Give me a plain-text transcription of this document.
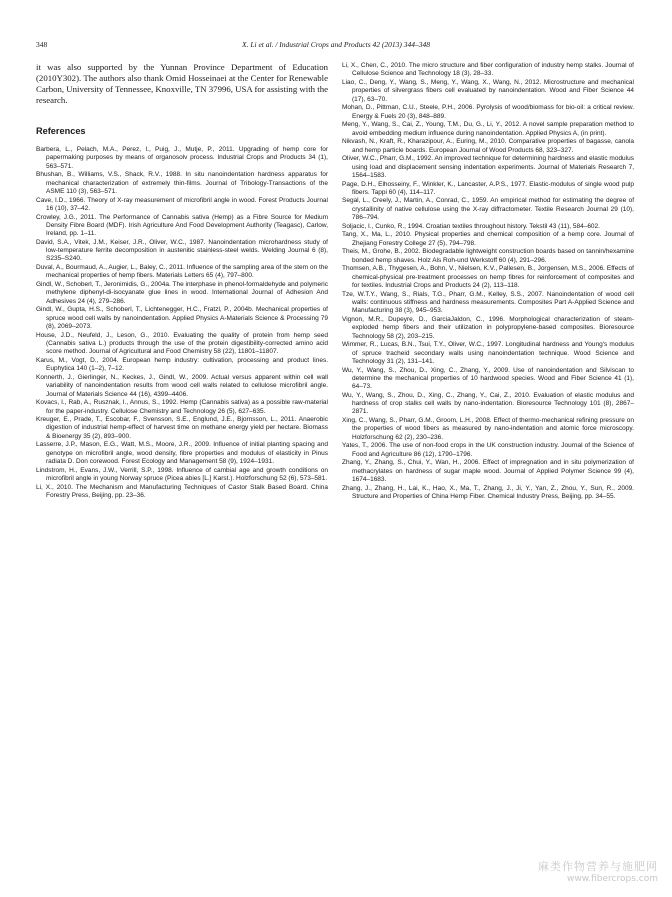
348	X. Li et al. / Industrial Crops and Products 42 (2013) 344–348

it was also supported by the Yunnan Province Department of Education (2010Y302). The authors also thank Omid Hosseinaei at the Center for Renewable Carbon, University of Tennessee, Knoxville, TN 37996, USA for assisting with the research.

References

Barbera, L., Pelach, M.A., Perez, I., Puig, J., Mutje, P., 2011. Upgrading of hemp core for papermaking purposes by means of organosolv process. Industrial Crops and Products 34 (1), 563–571.

Bhushan, B., Williams, V.S., Shack, R.V., 1988. In situ nanoindentation hardness apparatus for mechanical characterization of extremely thin-films. Journal of Tribology-Transactions of the ASME 110 (3), 563–571.

Cave, I.D., 1966. Theory of X-ray measurement of microfibril angle in wood. Forest Products Journal 16 (10), 37–42.

Crowley, J.G., 2011. The Performance of Cannabis sativa (Hemp) as a Fibre Source for Medium Density Fibre Board (MDF). Irish Agriculture And Food Development Authority (Teagasc), Carlow, Ireland, pp. 1–11.

David, S.A., Vitek, J.M., Keiser, J.R., Oliver, W.C., 1987. Nanoindentation microhardness study of low-temperature ferrite decomposition in austenitic stainless-steel welds. Welding Journal 6 (8), S235–S240.

Duval, A., Bourmaud, A., Augier, L., Baley, C., 2011. Influence of the sampling area of the stem on the mechanical properties of hemp fibers. Materials Letters 65 (4), 797–800.

Gindl, W., Schoberl, T., Jeronimidis, G., 2004a. The interphase in phenol-formaldehyde and polymeric methylene diphenyl-di-isocyanate glue lines in wood. International Journal of Adhesion And Adhesives 24 (4), 279–286.

Gindl, W., Gupta, H.S., Schoberl, T., Lichtenegger, H.C., Fratzl, P., 2004b. Mechanical properties of spruce wood cell walls by nanoindentation. Applied Physics A-Materials Science & Processing 79 (8), 2069–2073.

House, J.D., Neufeld, J., Leson, G., 2010. Evaluating the quality of protein from hemp seed (Cannabis sativa L.) products through the use of the protein digestibility-corrected amino acid score method. Journal of Agricultural and Food Chemistry 58 (22), 11801–11807.

Karus, M., Vogt, D., 2004. European hemp industry: cultivation, processing and product lines. Euphytica 140 (1–2), 7–12.

Konnerth, J., Gierlinger, N., Keckes, J., Gindl, W., 2009. Actual versus apparent within cell wall variability of nanoindentation results from wood cell walls related to cellulose microfibril angle. Journal of Materials Science 44 (16), 4399–4406.

Kovacs, I., Rab, A., Rusznak, I., Annus, S., 1992. Hemp (Cannabis sativa) as a possible raw-material for the paper-industry. Cellulose Chemistry and Technology 26 (5), 627–635.

Kreuger, E., Prade, T., Escobar, F., Svensson, S.E., Englund, J.E., Bjornsson, L., 2011. Anaerobic digestion of industrial hemp-effect of harvest time on methane energy yield per hectare. Biomass & Bioenergy 35 (2), 893–900.

Lasserre, J.P., Mason, E.G., Watt, M.S., Moore, J.R., 2009. Influence of initial planting spacing and genotype on microfibril angle, wood density, fibre properties and modulus of elasticity in Pinus radiata D. Don corewood. Forest Ecology and Management 58 (9), 1924–1931.

Lindstrom, H., Evans, J.W., Verrill, S.P., 1998. Influence of cambial age and growth conditions on microfibril angle in young Norway spruce (Picea abies [L.] Karst.). Holzforschung 52 (6), 573–581.

Li, X., 2010. The Mechanism and Manufacturing Techniques of Castor Stalk Based Board. China Forestry Press, Beijing, pp. 23–36.

Li, X., Chen, C., 2010. The micro structure and fiber configuration of industry hemp stalks. Journal of Cellulose Science and Technology 18 (3), 28–33.

Liao, C., Deng, Y., Wang, S., Meng, Y., Wang, X., Wang, N., 2012. Microstructure and mechanical properties of silvergrass fibers cell evaluated by nanoindentation. Wood and Fiber Science 44 (17), 63–70.

Mohan, D., Pittman, C.U., Steele, P.H., 2006. Pyrolysis of wood/biomass for bio-oil: a critical review. Energy & Fuels 20 (3), 848–889.

Meng, Y., Wang, S., Cai, Z., Young, T.M., Du, G., Li, Y., 2012. A novel sample preparation method to avoid embedding medium influence during nanoindentation. Applied Physics A, (in print).

Nikvash, N., Kraft, R., Kharazipour, A., Euring, M., 2010. Comparative properties of bagasse, canola and hemp particle boards. European Journal of Wood Products 68, 323–327.

Oliver, W.C., Pharr, G.M., 1992. An improved technique for determining hardness and elastic modulus using load and displacement sensing indentation experiments. Journal of Materials Research 7, 1564–1583.

Page, D.H., Elhosseiny, F., Winkler, K., Lancaster, A.P.S., 1977. Elastic-modulus of single wood pulp fibers. Tappi 60 (4), 114–117.

Segal, L., Creely, J., Martin, A., Conrad, C., 1959. An empirical method for estimating the degree of crystallinity of native cellulose using the X-ray diffractometer. Textile Research Journal 29 (10), 786–794.

Soljacic, I., Cunko, R., 1994. Croatian textiles throughout history. Tekstil 43 (11), 584–602.

Tang, X., Ma, L., 2010. Physical properties and chemical composition of a hemp core. Journal of Zhejiang Forestry College 27 (5), 794–798.

Theis, M., Grohe, B., 2002. Biodegradable lightweight construction boards based on tannin/hexamine bonded hemp shaves. Holz Als Roh-und Werkstoff 60 (4), 291–296.

Thomsen, A.B., Thygesen, A., Bohn, V., Nielsen, K.V., Pallesen, B., Jorgensen, M.S., 2006. Effects of chemical-physical pre-treatment processes on hemp fibres for reinforcement of composites and for textiles. Industrial Crops and Products 24 (2), 113–118.

Tze, W.T.Y., Wang, S., Rials, T.G., Pharr, G.M., Kelley, S.S., 2007. Nanoindentation of wood cell walls: continuous stiffness and hardness measurements. Composites Part A-Applied Science and Manufacturing 38 (3), 945–953.

Vignon, M.R., Dupeyre, D., GarciaJaldon, C., 1996. Morphological characterization of steam-exploded hemp fibers and their utilization in polypropylene-based composites. Bioresource Technology 58 (2), 203–215.

Wimmer, R., Lucas, B.N., Tsui, T.Y., Oliver, W.C., 1997. Longitudinal hardness and Young's modulus of spruce tracheid secondary walls using nanoindentation technique. Wood Science and Technology 31 (2), 131–141.

Wu, Y., Wang, S., Zhou, D., Xing, C., Zhang, Y., 2009. Use of nanoindentation and Silviscan to determine the mechanical properties of 10 hardwood species. Wood and Fiber Science 41 (1), 64–73.

Wu, Y., Wang, S., Zhou, D., Xing, C., Zhang, Y., Cai, Z., 2010. Evaluation of elastic modulus and hardness of crop stalks cell walls by nano-indentation. Bioresource Technology 101 (8), 2867–2871.

Xing, C., Wang, S., Pharr, G.M., Groom, L.H., 2008. Effect of thermo-mechanical refining pressure on the properties of wood fibers as measured by nano-indentation and atomic force microscopy. Holzforschung 62 (2), 230–236.

Yates, T., 2006. The use of non-food crops in the UK construction industry. Journal of the Science of Food and Agriculture 86 (12), 1790–1796.

Zhang, Y., Zhang, S., Chui, Y., Wan, H., 2006. Effect of impregnation and in situ polymerization of methacrylates on hardness of sugar maple wood. Journal of Applied Polymer Science 99 (4), 1674–1683.

Zhang, J., Zhang, H., Lai, K., Hao, X., Ma, T., Zhang, J., Ji, Y., Yan, Z., Zhou, Y., Sun, R., 2009. Structure and Properties of China Hemp Fiber. Chemical Industry Press, Beijing, pp. 34–55.

麻类作物营养与施肥网
www.fibercrops.com
